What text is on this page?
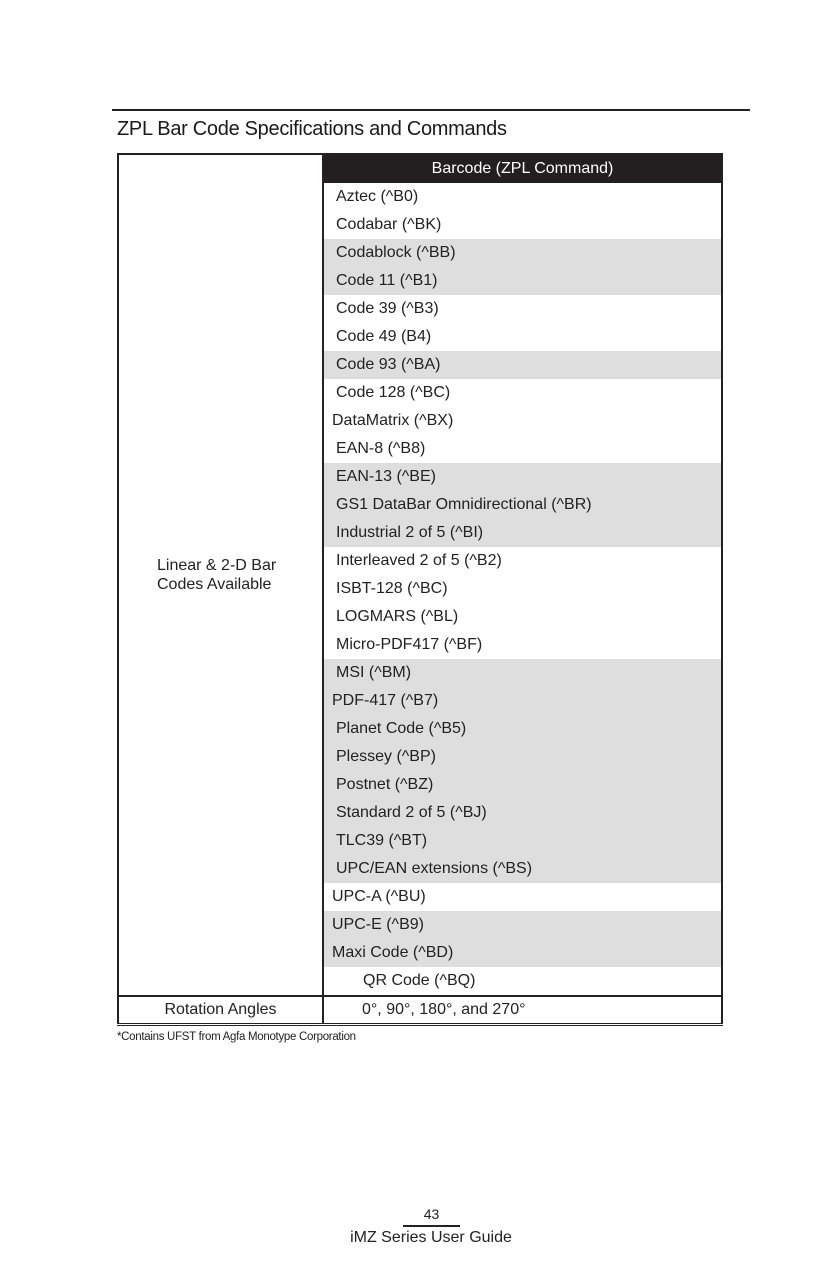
ZPL Bar Code Specifications and Commands
Linear & 2-D Bar
Codes Available	Barcode (ZPL Command)
	Aztec (^B0)
	Codabar (^BK)
	Codablock (^BB)
	Code 11 (^B1)
	Code 39 (^B3)
	Code 49 (B4)
	Code 93 (^BA)
	Code 128 (^BC)
	DataMatrix (^BX)
	EAN-8 (^B8)
	EAN-13 (^BE)
	GS1 DataBar Omnidirectional (^BR)
	Industrial 2 of 5 (^BI)
	Interleaved 2 of 5 (^B2)
	ISBT-128 (^BC)
	LOGMARS (^BL)
	Micro-PDF417 (^BF)
	MSI (^BM)
	PDF-417 (^B7)
	Planet Code (^B5)
	Plessey (^BP)
	Postnet (^BZ)
	Standard 2 of 5 (^BJ)
	TLC39 (^BT)
	UPC/EAN extensions (^BS)
	UPC-A (^BU)
	UPC-E (^B9)
	Maxi Code (^BD)
	QR Code (^BQ)
Rotation Angles	0°, 90°, 180°, and 270°
*Contains UFST from Agfa Monotype Corporation
43
iMZ Series User Guide
